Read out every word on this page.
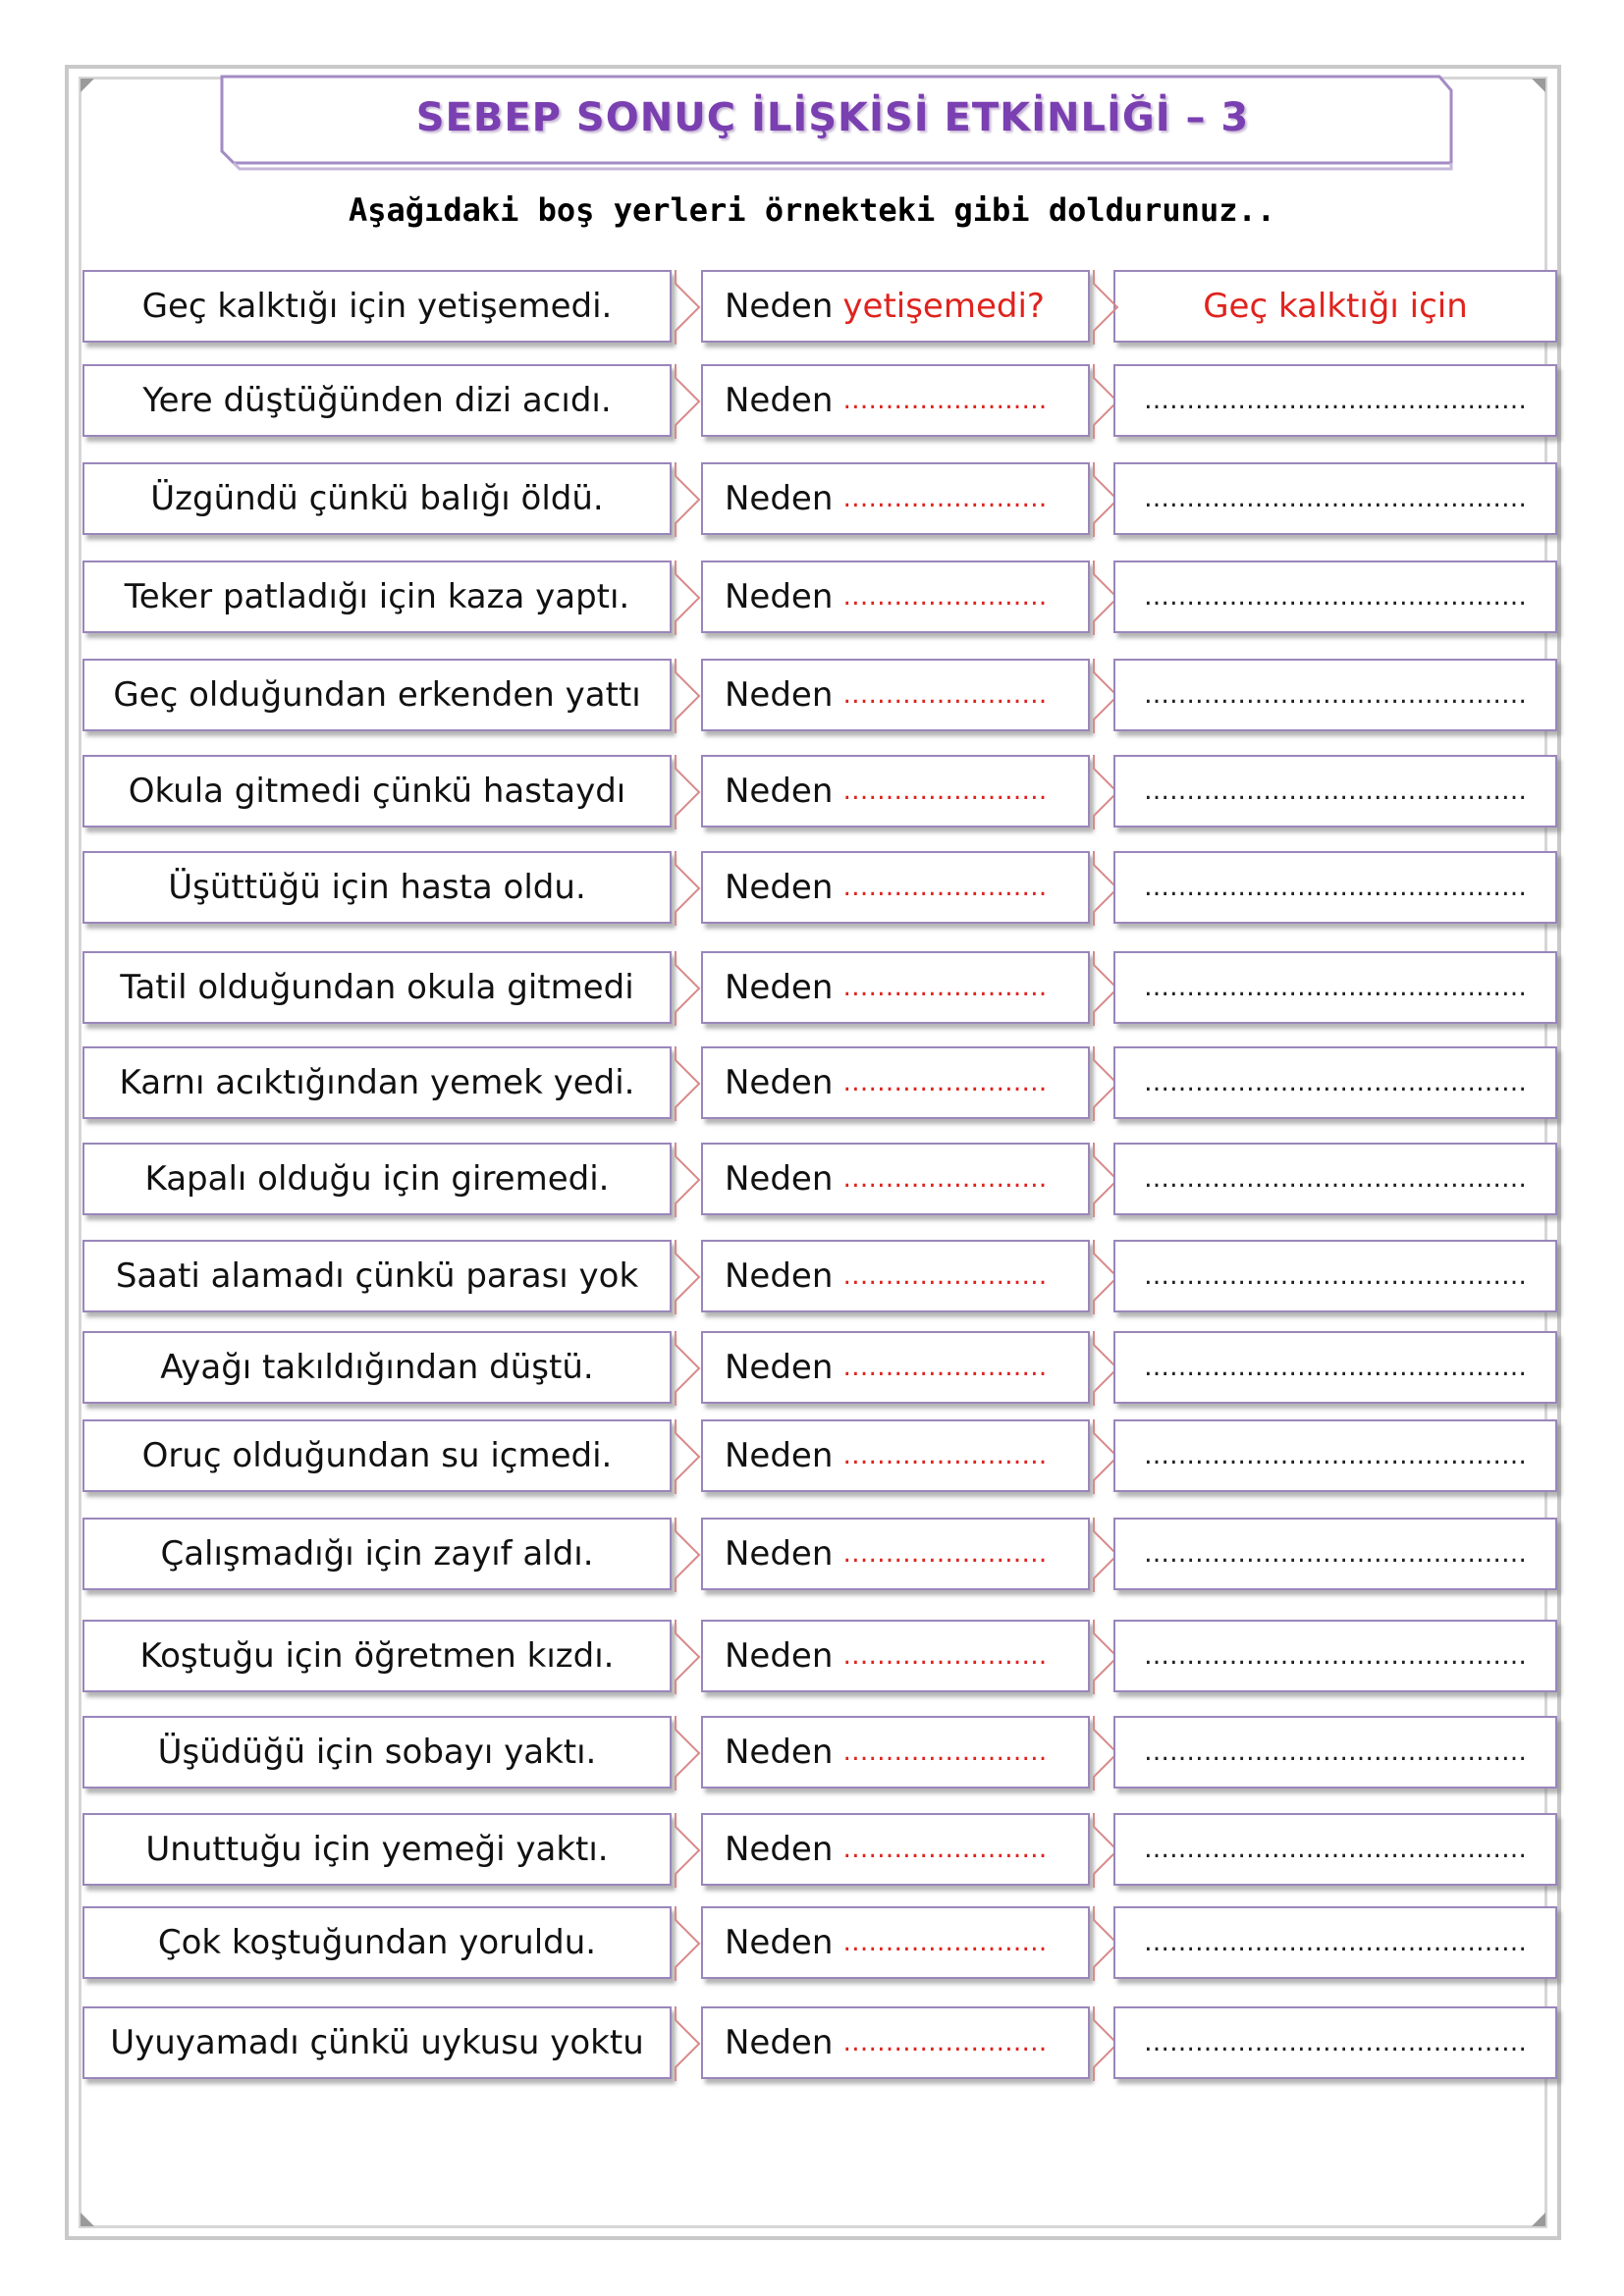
SEBEP SONUÇ İLİŞKİSİ ETKİNLİĞİ – 3
Aşağıdaki boş yerleri örnekteki gibi doldurunuz..
Geç kalktığı için yetişemedi.	Neden yetişemedi?	Geç kalktığı için
Yere düştüğünden dizi acıdı.	Neden ……………………	………………………………………
Üzgündü çünkü balığı öldü.	Neden ……………………	………………………………………
Teker patladığı için kaza yaptı.	Neden ……………………	………………………………………
Geç olduğundan erkenden yattı	Neden ……………………	………………………………………
Okula gitmedi çünkü hastaydı	Neden ……………………	………………………………………
Üşüttüğü için hasta oldu.	Neden ……………………	………………………………………
Tatil olduğundan okula gitmedi	Neden ……………………	………………………………………
Karnı acıktığından yemek yedi.	Neden ……………………	………………………………………
Kapalı olduğu için giremedi.	Neden ……………………	………………………………………
Saati alamadı çünkü parası yok	Neden ……………………	………………………………………
Ayağı takıldığından düştü.	Neden ……………………	………………………………………
Oruç olduğundan su içmedi.	Neden ……………………	………………………………………
Çalışmadığı için zayıf aldı.	Neden ……………………	………………………………………
Koştuğu için öğretmen kızdı.	Neden ……………………	………………………………………
Üşüdüğü için sobayı yaktı.	Neden ……………………	………………………………………
Unuttuğu için yemeği yaktı.	Neden ……………………	………………………………………
Çok koştuğundan yoruldu.	Neden ……………………	………………………………………
Uyuyamadı çünkü uykusu yoktu Neden ……………………	………………………………………
